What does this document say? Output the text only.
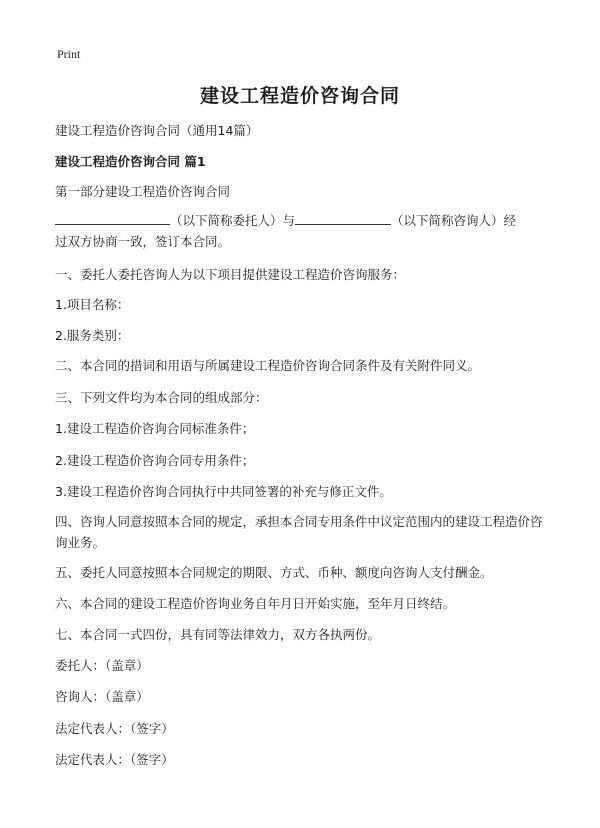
Print
建设工程造价咨询合同

建设工程造价咨询合同（通用14篇）

建设工程造价咨询合同 篇1

第一部分建设工程造价咨询合同

（以下简称委托人）与	（以下简称咨询人）经
过双方协商一致，签订本合同。

一、委托人委托咨询人为以下项目提供建设工程造价咨询服务：

1.项目名称：

2.服务类别：

二、本合同的措词和用语与所属建设工程造价咨询合同条件及有关附件同义。

三、下列文件均为本合同的组成部分：

1.建设工程造价咨询合同标准条件；

2.建设工程造价咨询合同专用条件；

3.建设工程造价咨询合同执行中共同签署的补充与修正文件。

四、咨询人同意按照本合同的规定，承担本合同专用条件中议定范围内的建设工程造价咨询业务。

五、委托人同意按照本合同规定的期限、方式、币种、额度向咨询人支付酬金。

六、本合同的建设工程造价咨询业务自年月日开始实施，至年月日终结。

七、本合同一式四份，具有同等法律效力，双方各执两份。

委托人：（盖章）

咨询人：（盖章）

法定代表人：（签字）

法定代表人：（签字）
